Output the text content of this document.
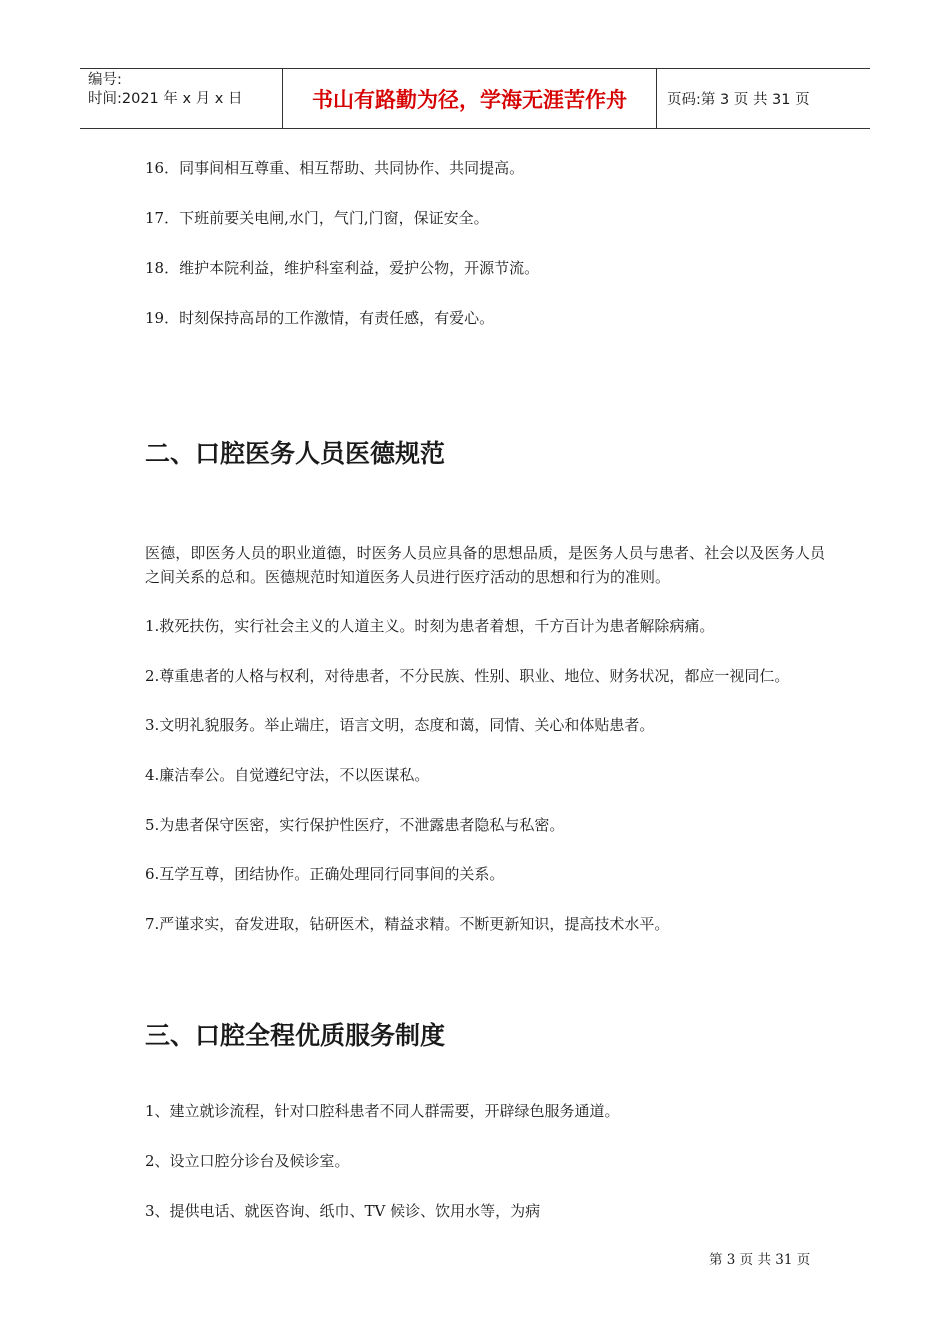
编号:
时间:2021 年 x 月 x 日	书山有路勤为径，学海无涯苦作舟	页码:第 3 页 共 31 页
16．同事间相互尊重、相互帮助、共同协作、共同提高。
17．下班前要关电闸,水门，气门,门窗，保证安全。
18．维护本院利益，维护科室利益，爱护公物，开源节流。
19．时刻保持高昂的工作激情，有责任感，有爱心。
二、口腔医务人员医德规范
医德，即医务人员的职业道德，时医务人员应具备的思想品质，是医务人员与患者、社会以及医务人员之间关系的总和。医德规范时知道医务人员进行医疗活动的思想和行为的准则。
1.救死扶伤，实行社会主义的人道主义。时刻为患者着想，千方百计为患者解除病痛。
2.尊重患者的人格与权利，对待患者，不分民族、性别、职业、地位、财务状况，都应一视同仁。
3.文明礼貌服务。举止端庄，语言文明，态度和蔼，同情、关心和体贴患者。
4.廉洁奉公。自觉遵纪守法，不以医谋私。
5.为患者保守医密，实行保护性医疗，不泄露患者隐私与私密。
6.互学互尊，团结协作。正确处理同行同事间的关系。
7.严谨求实，奋发进取，钻研医术，精益求精。不断更新知识，提高技术水平。
三、口腔全程优质服务制度
1、建立就诊流程，针对口腔科患者不同人群需要，开辟绿色服务通道。
2、设立口腔分诊台及候诊室。
3、提供电话、就医咨询、纸巾、TV 候诊、饮用水等，为病
第 3 页 共 31 页
